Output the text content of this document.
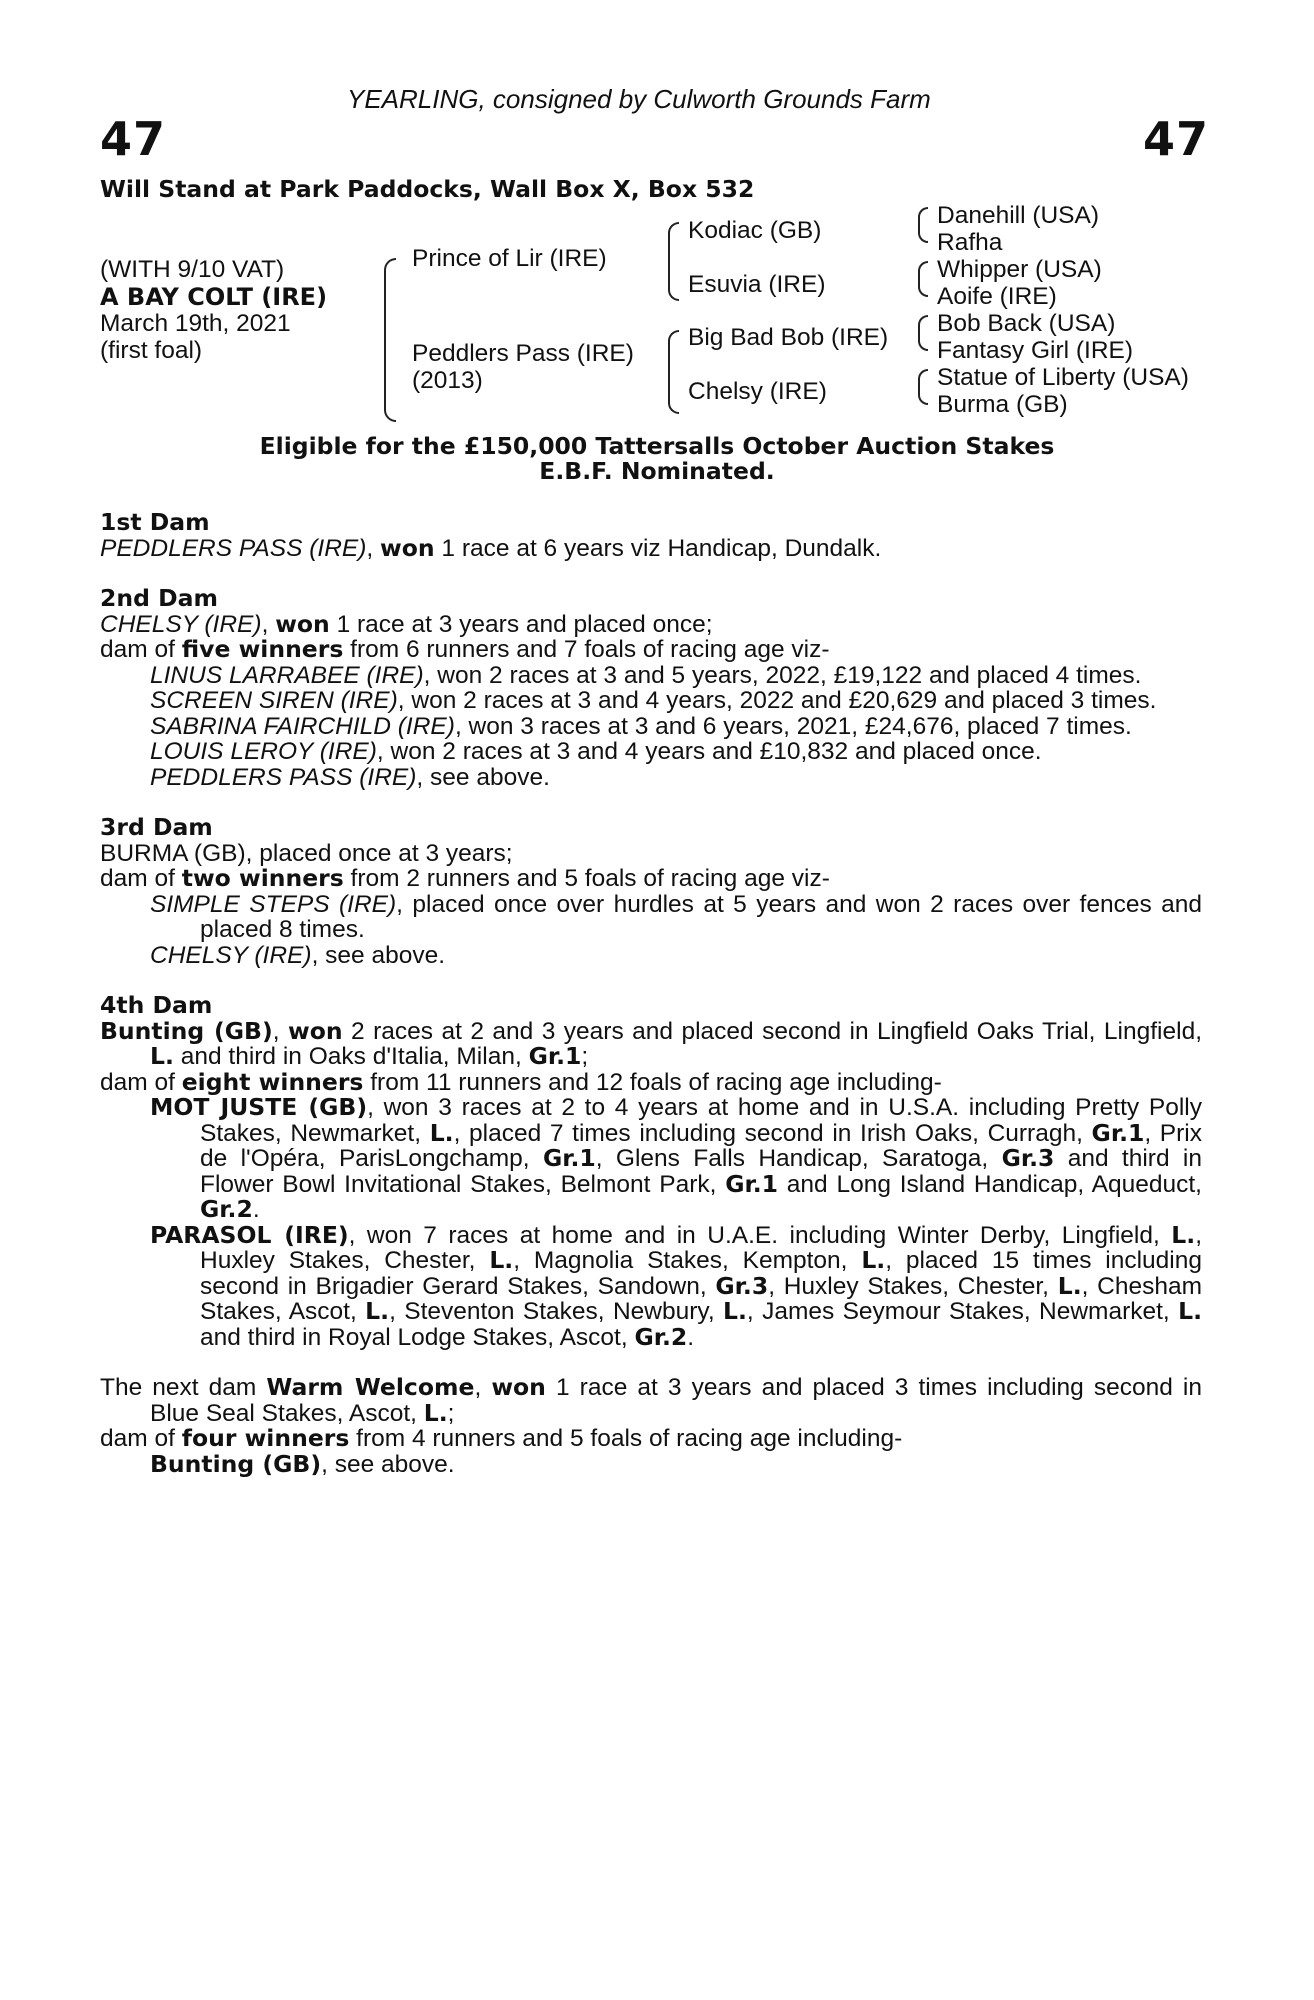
YEARLING, consigned by Culworth Grounds Farm
47	47
Will Stand at Park Paddocks, Wall Box X, Box 532
(WITH 9/10 VAT)
A BAY COLT (IRE)
March 19th, 2021
(first foal)
Prince of Lir (IRE)
Peddlers Pass (IRE)
(2013)
Kodiac (GB)
Esuvia (IRE)
Big Bad Bob (IRE)
Chelsy (IRE)
Danehill (USA)
Rafha
Whipper (USA)
Aoife (IRE)
Bob Back (USA)
Fantasy Girl (IRE)
Statue of Liberty (USA)
Burma (GB)
Eligible for the £150,000 Tattersalls October Auction Stakes
E.B.F. Nominated.
1st Dam
PEDDLERS PASS (IRE), won 1 race at 6 years viz Handicap, Dundalk.
2nd Dam
CHELSY (IRE), won 1 race at 3 years and placed once;
dam of five winners from 6 runners and 7 foals of racing age viz-
LINUS LARRABEE (IRE), won 2 races at 3 and 5 years, 2022, £19,122 and placed 4 times.
SCREEN SIREN (IRE), won 2 races at 3 and 4 years, 2022 and £20,629 and placed 3 times.
SABRINA FAIRCHILD (IRE), won 3 races at 3 and 6 years, 2021, £24,676, placed 7 times.
LOUIS LEROY (IRE), won 2 races at 3 and 4 years and £10,832 and placed once.
PEDDLERS PASS (IRE), see above.
3rd Dam
BURMA (GB), placed once at 3 years;
dam of two winners from 2 runners and 5 foals of racing age viz-
SIMPLE STEPS (IRE), placed once over hurdles at 5 years and won 2 races over fences and placed 8 times.
CHELSY (IRE), see above.
4th Dam
Bunting (GB), won 2 races at 2 and 3 years and placed second in Lingfield Oaks Trial, Lingfield, L. and third in Oaks d'Italia, Milan, Gr.1;
dam of eight winners from 11 runners and 12 foals of racing age including-
MOT JUSTE (GB), won 3 races at 2 to 4 years at home and in U.S.A. including Pretty Polly Stakes, Newmarket, L., placed 7 times including second in Irish Oaks, Curragh, Gr.1, Prix de l'Opéra, ParisLongchamp, Gr.1, Glens Falls Handicap, Saratoga, Gr.3 and third in Flower Bowl Invitational Stakes, Belmont Park, Gr.1 and Long Island Handicap, Aqueduct, Gr.2.
PARASOL (IRE), won 7 races at home and in U.A.E. including Winter Derby, Lingfield, L., Huxley Stakes, Chester, L., Magnolia Stakes, Kempton, L., placed 15 times including second in Brigadier Gerard Stakes, Sandown, Gr.3, Huxley Stakes, Chester, L., Chesham Stakes, Ascot, L., Steventon Stakes, Newbury, L., James Seymour Stakes, Newmarket, L. and third in Royal Lodge Stakes, Ascot, Gr.2.
The next dam Warm Welcome, won 1 race at 3 years and placed 3 times including second in Blue Seal Stakes, Ascot, L.;
dam of four winners from 4 runners and 5 foals of racing age including-
Bunting (GB), see above.
